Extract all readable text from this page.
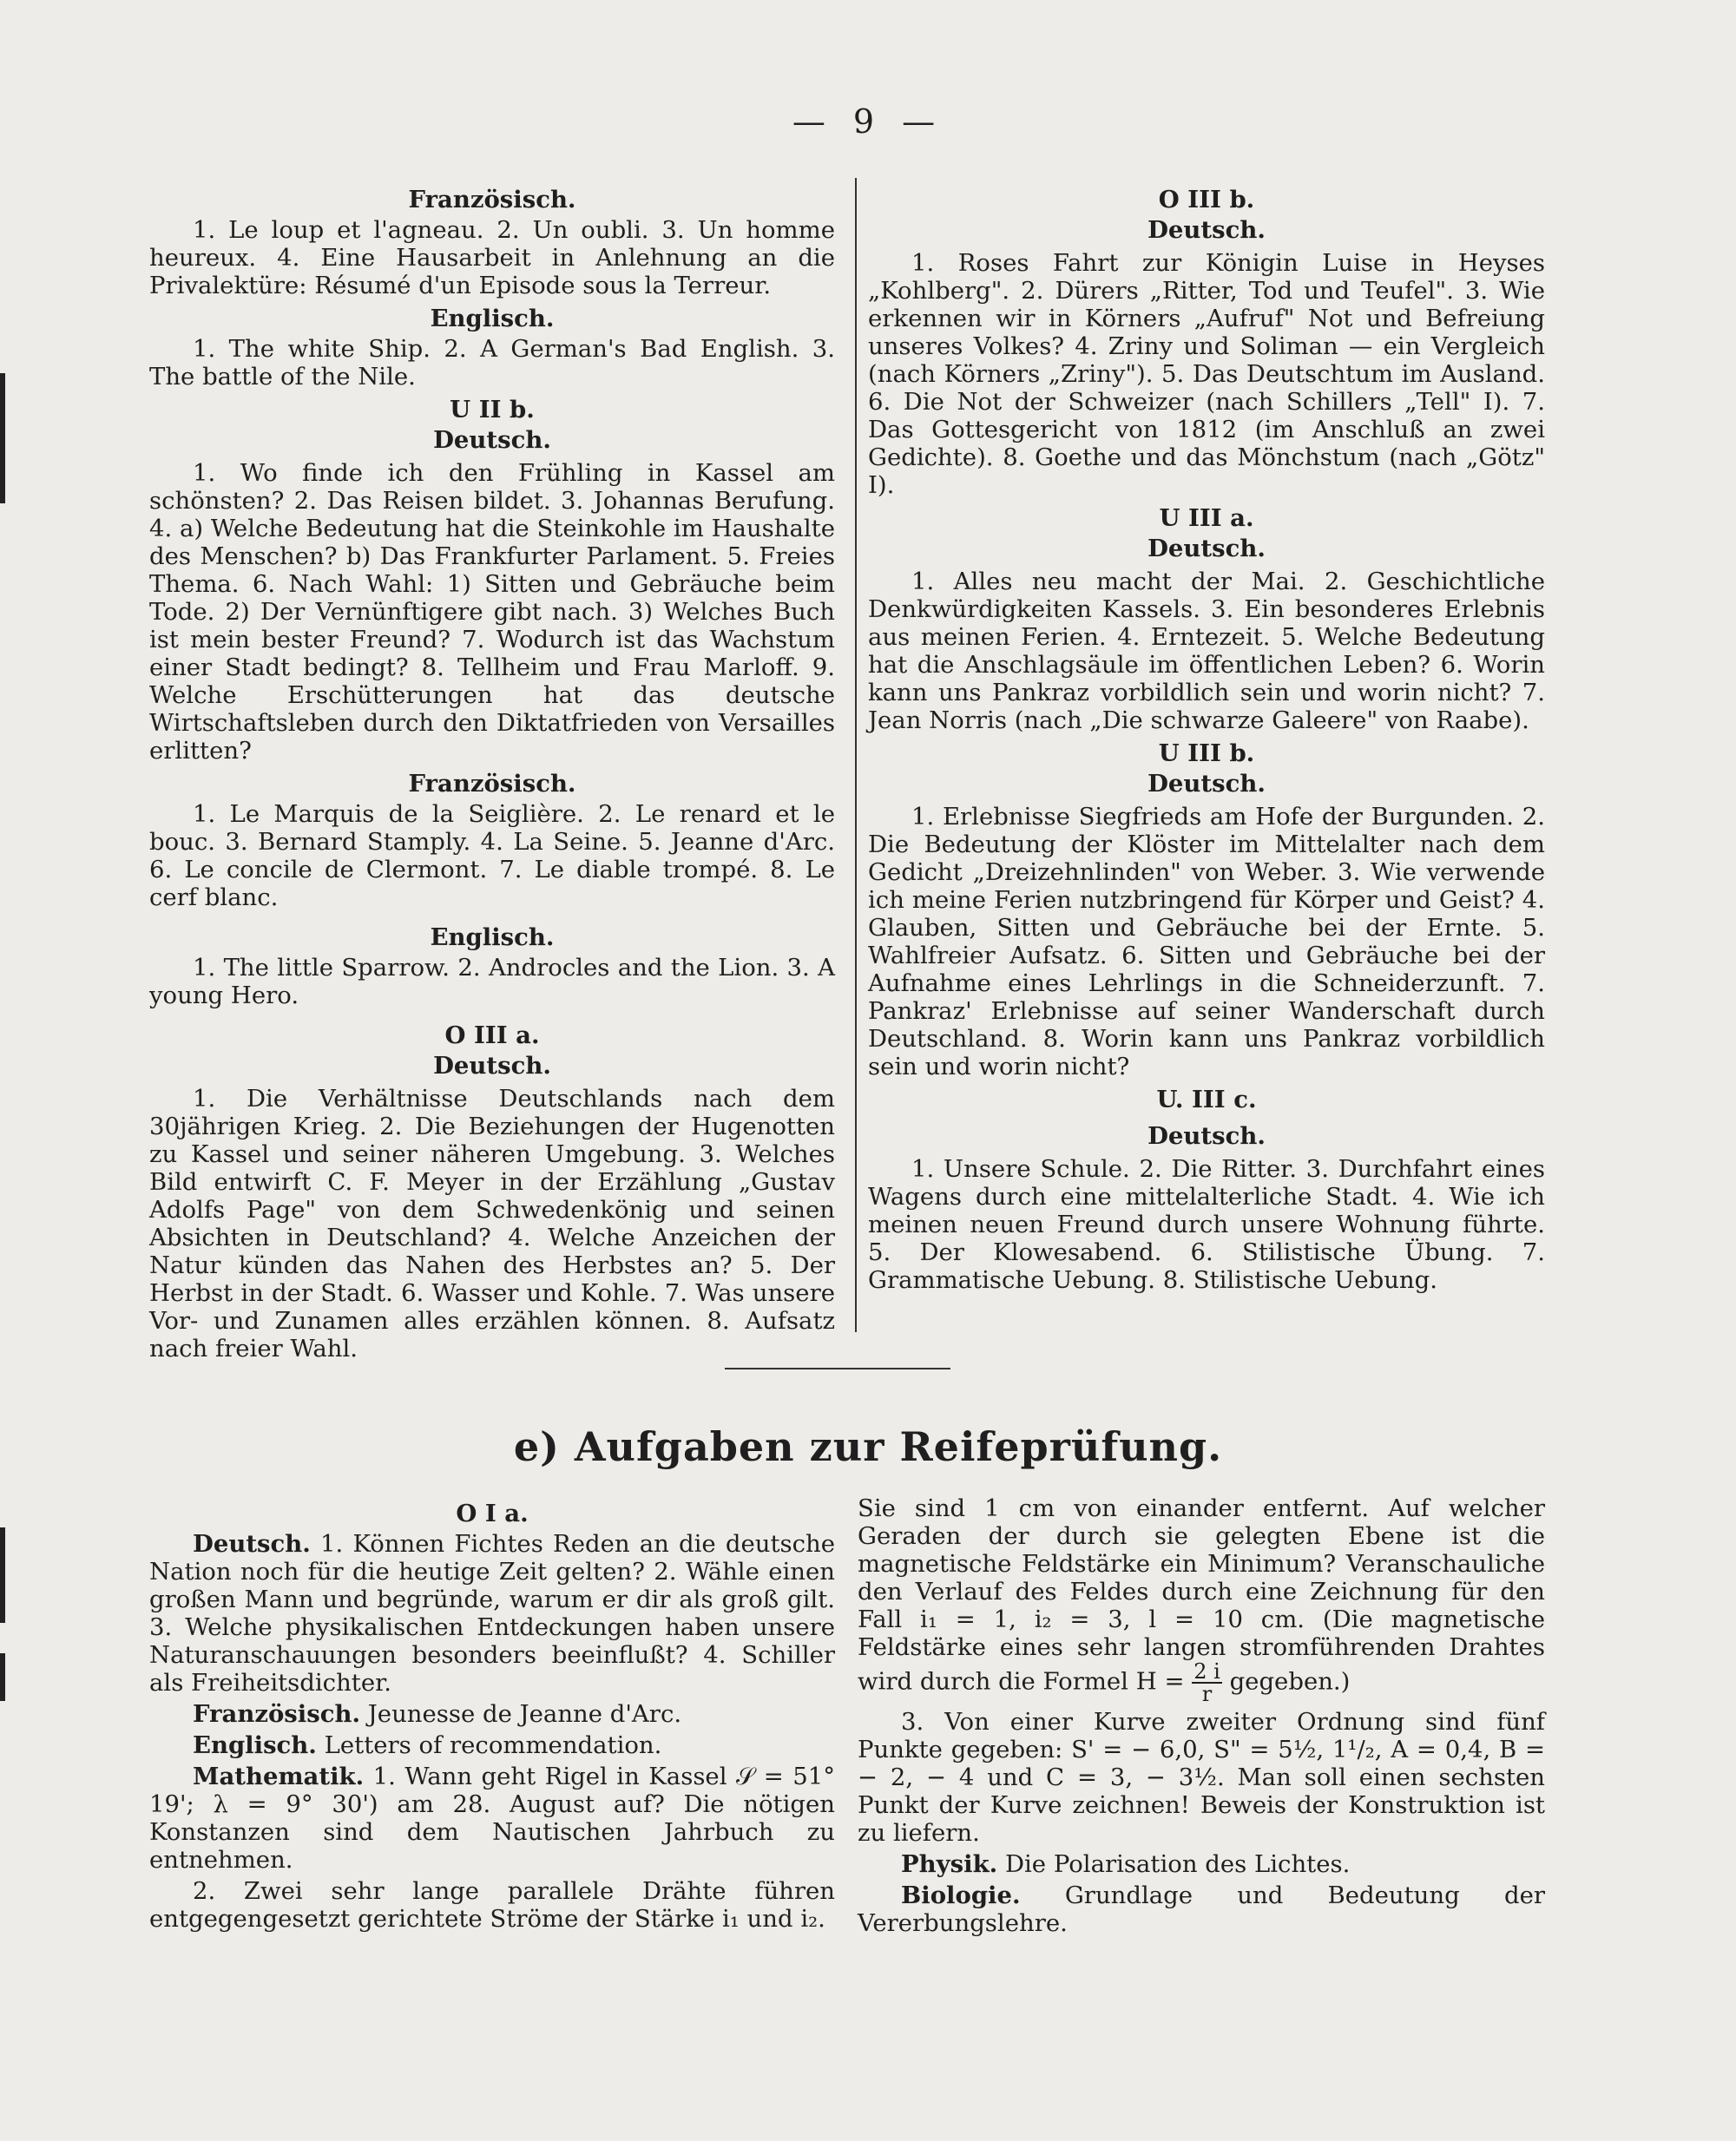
— 9 —
Französisch.

1. Le loup et l'agneau. 2. Un oubli. 3. Un homme heureux. 4. Eine Hausarbeit in Anlehnung an die Privalektüre: Résumé d'un Episode sous la Terreur.

Englisch.

1. The white Ship. 2. A German's Bad English. 3. The battle of the Nile.

U II b.
Deutsch.

1. Wo finde ich den Frühling in Kassel am schönsten? 2. Das Reisen bildet. 3. Johannas Berufung. 4. a) Welche Bedeutung hat die Steinkohle im Haushalte des Menschen? b) Das Frankfurter Parlament. 5. Freies Thema. 6. Nach Wahl: 1) Sitten und Gebräuche beim Tode. 2) Der Vernünftigere gibt nach. 3) Welches Buch ist mein bester Freund? 7. Wodurch ist das Wachstum einer Stadt bedingt? 8. Tellheim und Frau Marloff. 9. Welche Erschütterungen hat das deutsche Wirtschaftsleben durch den Diktatfrieden von Versailles erlitten?

Französisch.

1. Le Marquis de la Seiglière. 2. Le renard et le bouc. 3. Bernard Stamply. 4. La Seine. 5. Jeanne d'Arc. 6. Le concile de Clermont. 7. Le diable trompé. 8. Le cerf blanc.

Englisch.

1. The little Sparrow. 2. Androcles and the Lion. 3. A young Hero.

O III a.
Deutsch.

1. Die Verhältnisse Deutschlands nach dem 30jährigen Krieg. 2. Die Beziehungen der Hugenotten zu Kassel und seiner näheren Umgebung. 3. Welches Bild entwirft C. F. Meyer in der Erzählung „Gustav Adolfs Page" von dem Schwedenkönig und seinen Absichten in Deutschland? 4. Welche Anzeichen der Natur künden das Nahen des Herbstes an? 5. Der Herbst in der Stadt. 6. Wasser und Kohle. 7. Was unsere Vor- und Zunamen alles erzählen können. 8. Aufsatz nach freier Wahl.

O III b.
Deutsch.

1. Roses Fahrt zur Königin Luise in Heyses „Kohlberg". 2. Dürers „Ritter, Tod und Teufel". 3. Wie erkennen wir in Körners „Aufruf" Not und Befreiung unseres Volkes? 4. Zriny und Soliman — ein Vergleich (nach Körners „Zriny"). 5. Das Deutschtum im Ausland. 6. Die Not der Schweizer (nach Schillers „Tell" I). 7. Das Gottesgericht von 1812 (im Anschluß an zwei Gedichte). 8. Goethe und das Mönchstum (nach „Götz" I).

U III a.
Deutsch.

1. Alles neu macht der Mai. 2. Geschichtliche Denkwürdigkeiten Kassels. 3. Ein besonderes Erlebnis aus meinen Ferien. 4. Erntezeit. 5. Welche Bedeutung hat die Anschlagsäule im öffentlichen Leben? 6. Worin kann uns Pankraz vorbildlich sein und worin nicht? 7. Jean Norris (nach „Die schwarze Galeere" von Raabe).

U III b.
Deutsch.

1. Erlebnisse Siegfrieds am Hofe der Burgunden. 2. Die Bedeutung der Klöster im Mittelalter nach dem Gedicht „Dreizehnlinden" von Weber. 3. Wie verwende ich meine Ferien nutzbringend für Körper und Geist? 4. Glauben, Sitten und Gebräuche bei der Ernte. 5. Wahlfreier Aufsatz. 6. Sitten und Gebräuche bei der Aufnahme eines Lehrlings in die Schneiderzunft. 7. Pankraz' Erlebnisse auf seiner Wanderschaft durch Deutschland. 8. Worin kann uns Pankraz vorbildlich sein und worin nicht?

U. III c.
Deutsch.

1. Unsere Schule. 2. Die Ritter. 3. Durchfahrt eines Wagens durch eine mittelalterliche Stadt. 4. Wie ich meinen neuen Freund durch unsere Wohnung führte. 5. Der Klowesabend. 6. Stilistische Übung. 7. Grammatische Uebung. 8. Stilistische Uebung.

e) Aufgaben zur Reifeprüfung.
O I a.

Deutsch. 1. Können Fichtes Reden an die deutsche Nation noch für die heutige Zeit gelten? 2. Wähle einen großen Mann und begründe, warum er dir als groß gilt. 3. Welche physikalischen Entdeckungen haben unsere Naturanschauungen besonders beeinflußt? 4. Schiller als Freiheitsdichter.

Französisch. Jeunesse de Jeanne d'Arc.

Englisch. Letters of recommendation.

Mathematik. 1. Wann geht Rigel in Kassel 𝒮 = 51° 19'; λ = 9° 30') am 28. August auf? Die nötigen Konstanzen sind dem Nautischen Jahrbuch zu entnehmen.

2. Zwei sehr lange parallele Drähte führen entgegengesetzt gerichtete Ströme der Stärke i₁ und i₂.

Sie sind 1 cm von einander entfernt. Auf welcher Geraden der durch sie gelegten Ebene ist die magnetische Feldstärke ein Minimum? Veranschauliche den Verlauf des Feldes durch eine Zeichnung für den Fall i₁ = 1, i₂ = 3, l = 10 cm. (Die magnetische Feldstärke eines sehr langen stromführenden Drahtes wird durch die Formel $H = \frac{2 i}{r}$ gegeben.)

3. Von einer Kurve zweiter Ordnung sind fünf Punkte gegeben: S' = − 6,0, S" = 5½, 1¹/₂, A = 0,4, B = − 2, − 4 und C = 3, − 3½. Man soll einen sechsten Punkt der Kurve zeichnen! Beweis der Konstruktion ist zu liefern.

Physik. Die Polarisation des Lichtes.

Biologie. Grundlage und Bedeutung der Vererbungslehre.
